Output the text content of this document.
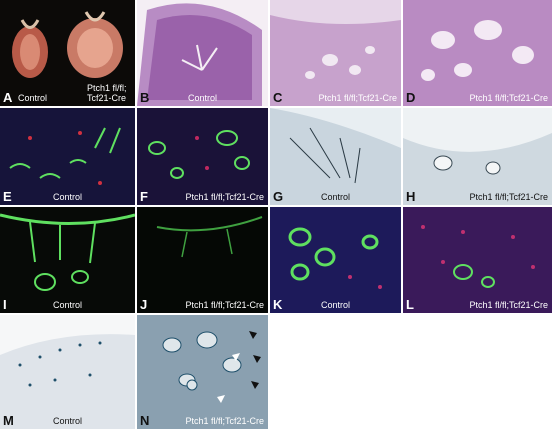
A Control
Ptch1 fl/fl; Tcf21-Cre	B	Control	C	Ptch1 fl/fl;Tcf21-Cre D	Ptch1 fl/fl;Tcf21-Cre
E	Control	F	Ptch1 fl/fl;Tcf21-Cre G	Control	H	Ptch1 fl/fl;Tcf21-Cre
I	Control	J	Ptch1 fl/fl;Tcf21-Cre K	Control	L	Ptch1 fl/fl;Tcf21-Cre
M	Control	N	Ptch1 fl/fl;Tcf21-Cre
